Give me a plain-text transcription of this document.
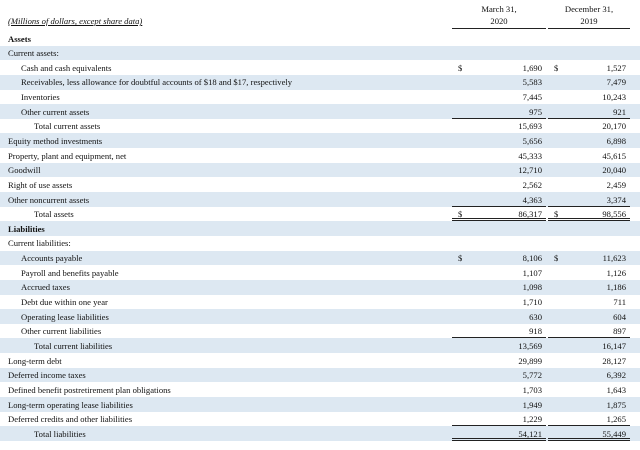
(Millions of dollars, except share data)
March 31,
2020
December 31,
2019
Assets
Current assets:
Cash and cash equivalents	$	1,690 $	1,527
Receivables, less allowance for doubtful accounts of $18 and $17, respectively	5,583	7,479
Inventories	7,445	10,243
Other current assets	975	921
Total current assets	15,693	20,170
Equity method investments	5,656	6,898
Property, plant and equipment, net	45,333	45,615
Goodwill	12,710	20,040
Right of use assets	2,562	2,459
Other noncurrent assets	4,363	3,374
Total assets	$	86,317 $	98,556
Liabilities
Current liabilities:
Accounts payable	$	8,106 $	11,623
Payroll and benefits payable	1,107	1,126
Accrued taxes	1,098	1,186
Debt due within one year	1,710	711
Operating lease liabilities	630	604
Other current liabilities	918	897
Total current liabilities	13,569	16,147
Long-term debt	29,899	28,127
Deferred income taxes	5,772	6,392
Defined benefit postretirement plan obligations	1,703	1,643
Long-term operating lease liabilities	1,949	1,875
Deferred credits and other liabilities	1,229	1,265
Total liabilities	54,121	55,449
